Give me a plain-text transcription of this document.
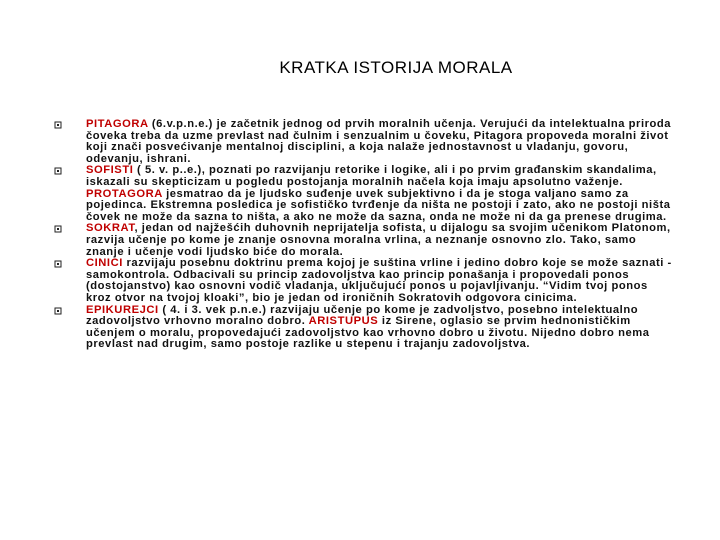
KRATKA ISTORIJA MORALA
PITAGORA (6.v.p.n.e.) je začetnik jednog od prvih moralnih učenja. Verujući da intelektualna priroda čoveka treba da uzme prevlast nad čulnim i senzualnim u čoveku, Pitagora propoveda moralni život koji znači posvećivanje mentalnoj disciplini, a koja nalaže jednostavnost u vladanju, govoru, odevanju, ishrani.
SOFISTI ( 5. v. p..e.), poznati po razvijanju retorike i logike, ali i po prvim građanskim skandalima, iskazali su skepticizam u pogledu postojanja moralnih načela koja imaju apsolutno važenje. PROTAGORA jesmatrao da je ljudsko suđenje uvek subjektivno i da je stoga valjano samo za pojedinca. Ekstremna posledica je sofističko tvrđenje da ništa ne postoji i zato, ako ne postoji ništa čovek ne može da sazna to ništa, a ako ne može da sazna, onda ne može ni da ga prenese drugima.
SOKRAT, jedan od najžešćih duhovnih neprijatelja sofista, u dijalogu sa svojim učenikom Platonom, razvija učenje po kome je znanje osnovna moralna vrlina, a neznanje osnovno zlo. Tako, samo znanje i učenje vodi ljudsko biće do morala.
CINICI razvijaju posebnu doktrinu prema kojoj je suština vrline i jedino dobro koje se može saznati - samokontrola. Odbacivali su princip zadovoljstva kao princip ponašanja i propovedali ponos (dostojanstvo) kao osnovni vodič vladanja, uključujući ponos u pojavljivanju. “Vidim tvoj ponos kroz otvor na tvojoj kloaki”, bio je jedan od ironičnih Sokratovih odgovora cinicima.
EPIKUREJCI ( 4. i 3. vek p.n.e.) razvijaju učenje po kome je zadvoljstvo, posebno intelektualno zadovoljstvo vrhovno moralno dobro. ARISTUPUS iz Sirene, oglasio se prvim hednonističkim učenjem o moralu, propovedajući zadovoljstvo kao vrhovno dobro u životu. Nijedno dobro nema prevlast nad drugim, samo postoje razlike u stepenu i trajanju zadovoljstva.
